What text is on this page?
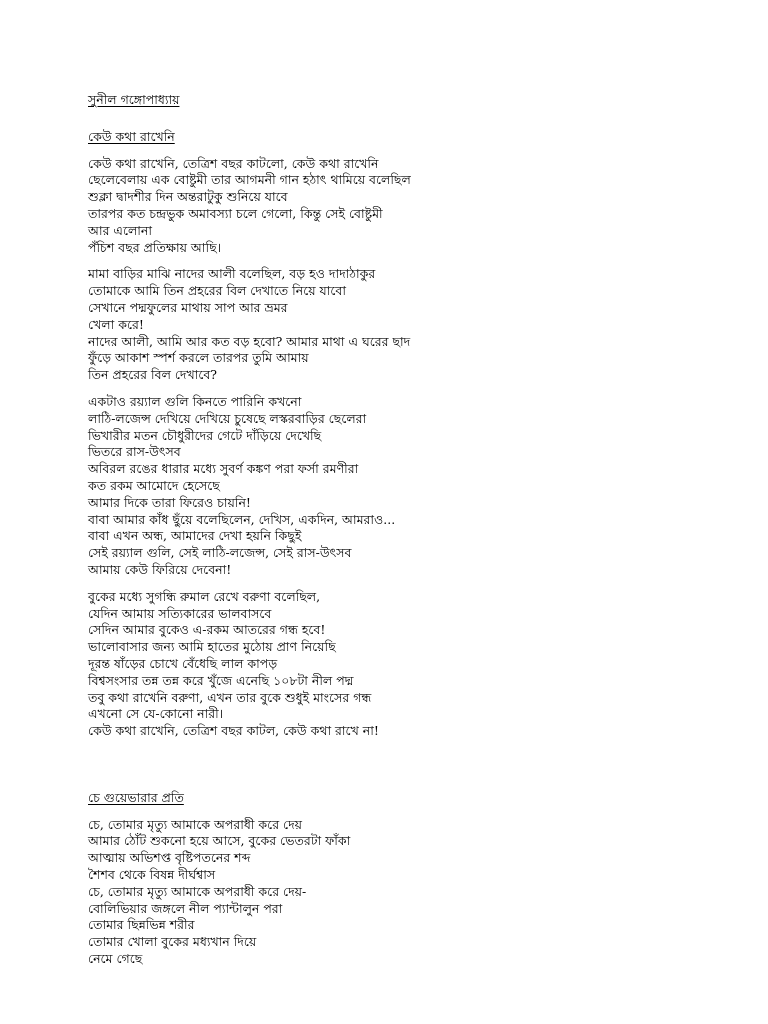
সুনীল গঙ্গোপাধ্যায়
কেউ কথা রাখেনি
কেউ কথা রাখেনি, তেত্রিশ বছর কাটলো, কেউ কথা রাখেনি
ছেলেবেলায় এক বোষ্টুমী তার আগমনী গান হঠাৎ থামিয়ে বলেছিল
শুক্লা দ্বাদশীর দিন অন্তরাটুকু শুনিয়ে যাবে
তারপর কত চন্দ্রভুক অমাবস্যা চলে গেলো, কিন্তু সেই বোষ্টুমী
আর এলোনা
পঁচিশ বছর প্রতিক্ষায় আছি।
মামা বাড়ির মাঝি নাদের আলী বলেছিল, বড় হও দাদাঠাকুর
তোমাকে আমি তিন প্রহরের বিল দেখাতে নিয়ে যাবো
সেখানে পদ্মফুলের মাথায় সাপ আর ভ্রমর
খেলা করে!
নাদের আলী, আমি আর কত বড় হবো? আমার মাথা এ ঘরের ছাদ
ফুঁড়ে আকাশ স্পর্শ করলে তারপর তুমি আমায়
তিন প্রহরের বিল দেখাবে?
একটাও রয়্যাল গুলি কিনতে পারিনি কখনো
লাঠি-লজেন্স দেখিয়ে দেখিয়ে চুষেছে লস্করবাড়ির ছেলেরা
ভিখারীর মতন চৌধুরীদের গেটে দাঁড়িয়ে দেখেছি
ভিতরে রাস-উৎসব
অবিরল রঙের ধারার মধ্যে সুবর্ণ কঙ্কণ পরা ফর্সা রমণীরা
কত রকম আমোদে হেসেছে
আমার দিকে তারা ফিরেও চায়নি!
বাবা আমার কাঁধ ছুঁয়ে বলেছিলেন, দেখিস, একদিন, আমরাও...
বাবা এখন অন্ধ, আমাদের দেখা হয়নি কিছুই
সেই রয়্যাল গুলি, সেই লাঠি-লজেন্স, সেই রাস-উৎসব
আমায় কেউ ফিরিয়ে দেবেনা!
বুকের মধ্যে সুগন্ধি রুমাল রেখে বরুণা বলেছিল,
যেদিন আমায় সত্যিকারের ভালবাসবে
সেদিন আমার বুকেও এ-রকম আতরের গন্ধ হবে!
ভালোবাসার জন্য আমি হাতের মুঠোয় প্রাণ নিয়েছি
দূরন্ত ষাঁড়ের চোখে বেঁধেছি লাল কাপড়
বিশ্বসংসার তন্ন তন্ন করে খুঁজে এনেছি ১০৮টা নীল পদ্ম
তবু কথা রাখেনি বরুণা, এখন তার বুকে শুধুই মাংসের গন্ধ
এখনো সে যে-কোনো নারী।
কেউ কথা রাখেনি, তেত্রিশ বছর কাটল, কেউ কথা রাখে না!
চে গুয়েভারার প্রতি
চে, তোমার মৃত্যু আমাকে অপরাধী করে দেয়
আমার ঠোঁট শুকনো হয়ে আসে, বুকের ভেতরটা ফাঁকা
আত্মায় অভিশপ্ত বৃষ্টিপতনের শব্দ
শৈশব থেকে বিষন্ন দীর্ঘশ্বাস
চে, তোমার মৃত্যু আমাকে অপরাধী করে দেয়-
বোলিভিয়ার জঙ্গলে নীল প্যান্টালুন পরা
তোমার ছিন্নভিন্ন শরীর
তোমার খোলা বুকের মধ্যখান দিয়ে
নেমে গেছে
